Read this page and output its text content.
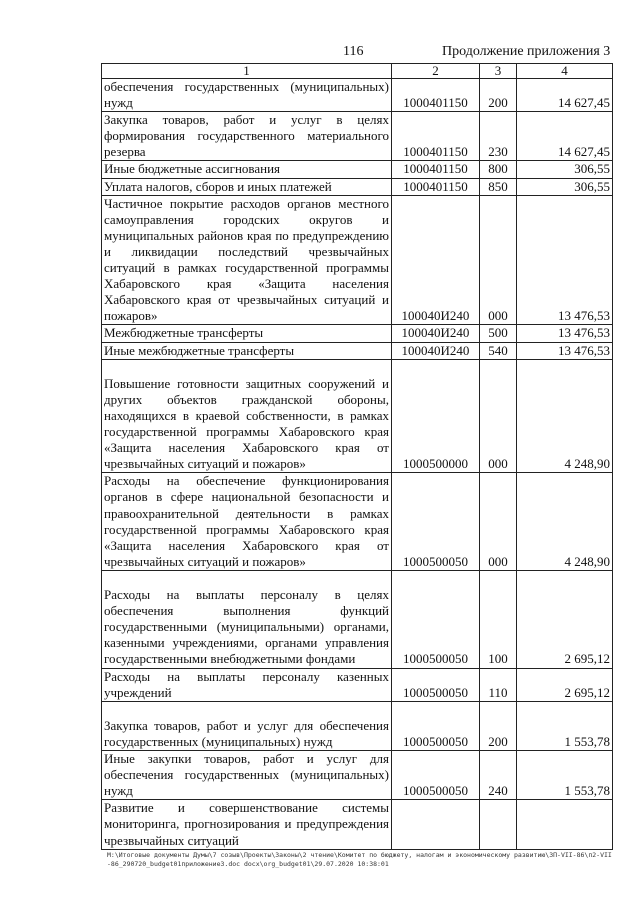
116	Продолжение приложения 3
1	2	3	4
обеспечения государственных (муниципальных) нужд	1000401150	200	14 627,45
Закупка товаров, работ и услуг в целях формирования государственного материального резерва	1000401150	230	14 627,45
Иные бюджетные ассигнования	1000401150	800	306,55
Уплата налогов, сборов и иных платежей	1000401150	850	306,55
Частичное покрытие расходов органов местного самоуправления городских округов и муниципальных районов края по предупреждению и ликвидации последствий чрезвычайных ситуаций в рамках государственной программы Хабаровского края «Защита населения Хабаровского края от чрезвычайных ситуаций и пожаров»	100040И240	000	13 476,53
Межбюджетные трансферты	100040И240	500	13 476,53
Иные межбюджетные трансферты	100040И240	540	13 476,53
Повышение готовности защитных сооружений и других объектов гражданской обороны, находящихся в краевой собственности, в рамках государственной программы Хабаровского края «Защита населения Хабаровского края от чрезвычайных ситуаций и пожаров»	1000500000	000	4 248,90
Расходы на обеспечение функционирования органов в сфере национальной безопасности и правоохранительной деятельности в рамках государственной программы Хабаровского края «Защита населения Хабаровского края от чрезвычайных ситуаций и пожаров»	1000500050	000	4 248,90
Расходы на выплаты персоналу в целях обеспечения выполнения функций государственными (муниципальными) органами, казенными учреждениями, органами управления государственными внебюджетными фондами	1000500050	100	2 695,12
Расходы на выплаты персоналу казенных учреждений	1000500050	110	2 695,12
Закупка товаров, работ и услуг для обеспечения государственных (муниципальных) нужд	1000500050	200	1 553,78
Иные закупки товаров, работ и услуг для обеспечения государственных (муниципальных) нужд	1000500050	240	1 553,78
Развитие и совершенствование системы мониторинга, прогнозирования и предупреждения чрезвычайных ситуаций			
M:\Итоговые документы Думы\7 созыв\Проекты\Законы\2 чтение\Комитет по бюджету, налогам и экономическому развитию\ЗП-VII-86\п2-VII-86_290720_budget01приложение3.doc docx\org_budget01\29.07.2020 10:38:01
